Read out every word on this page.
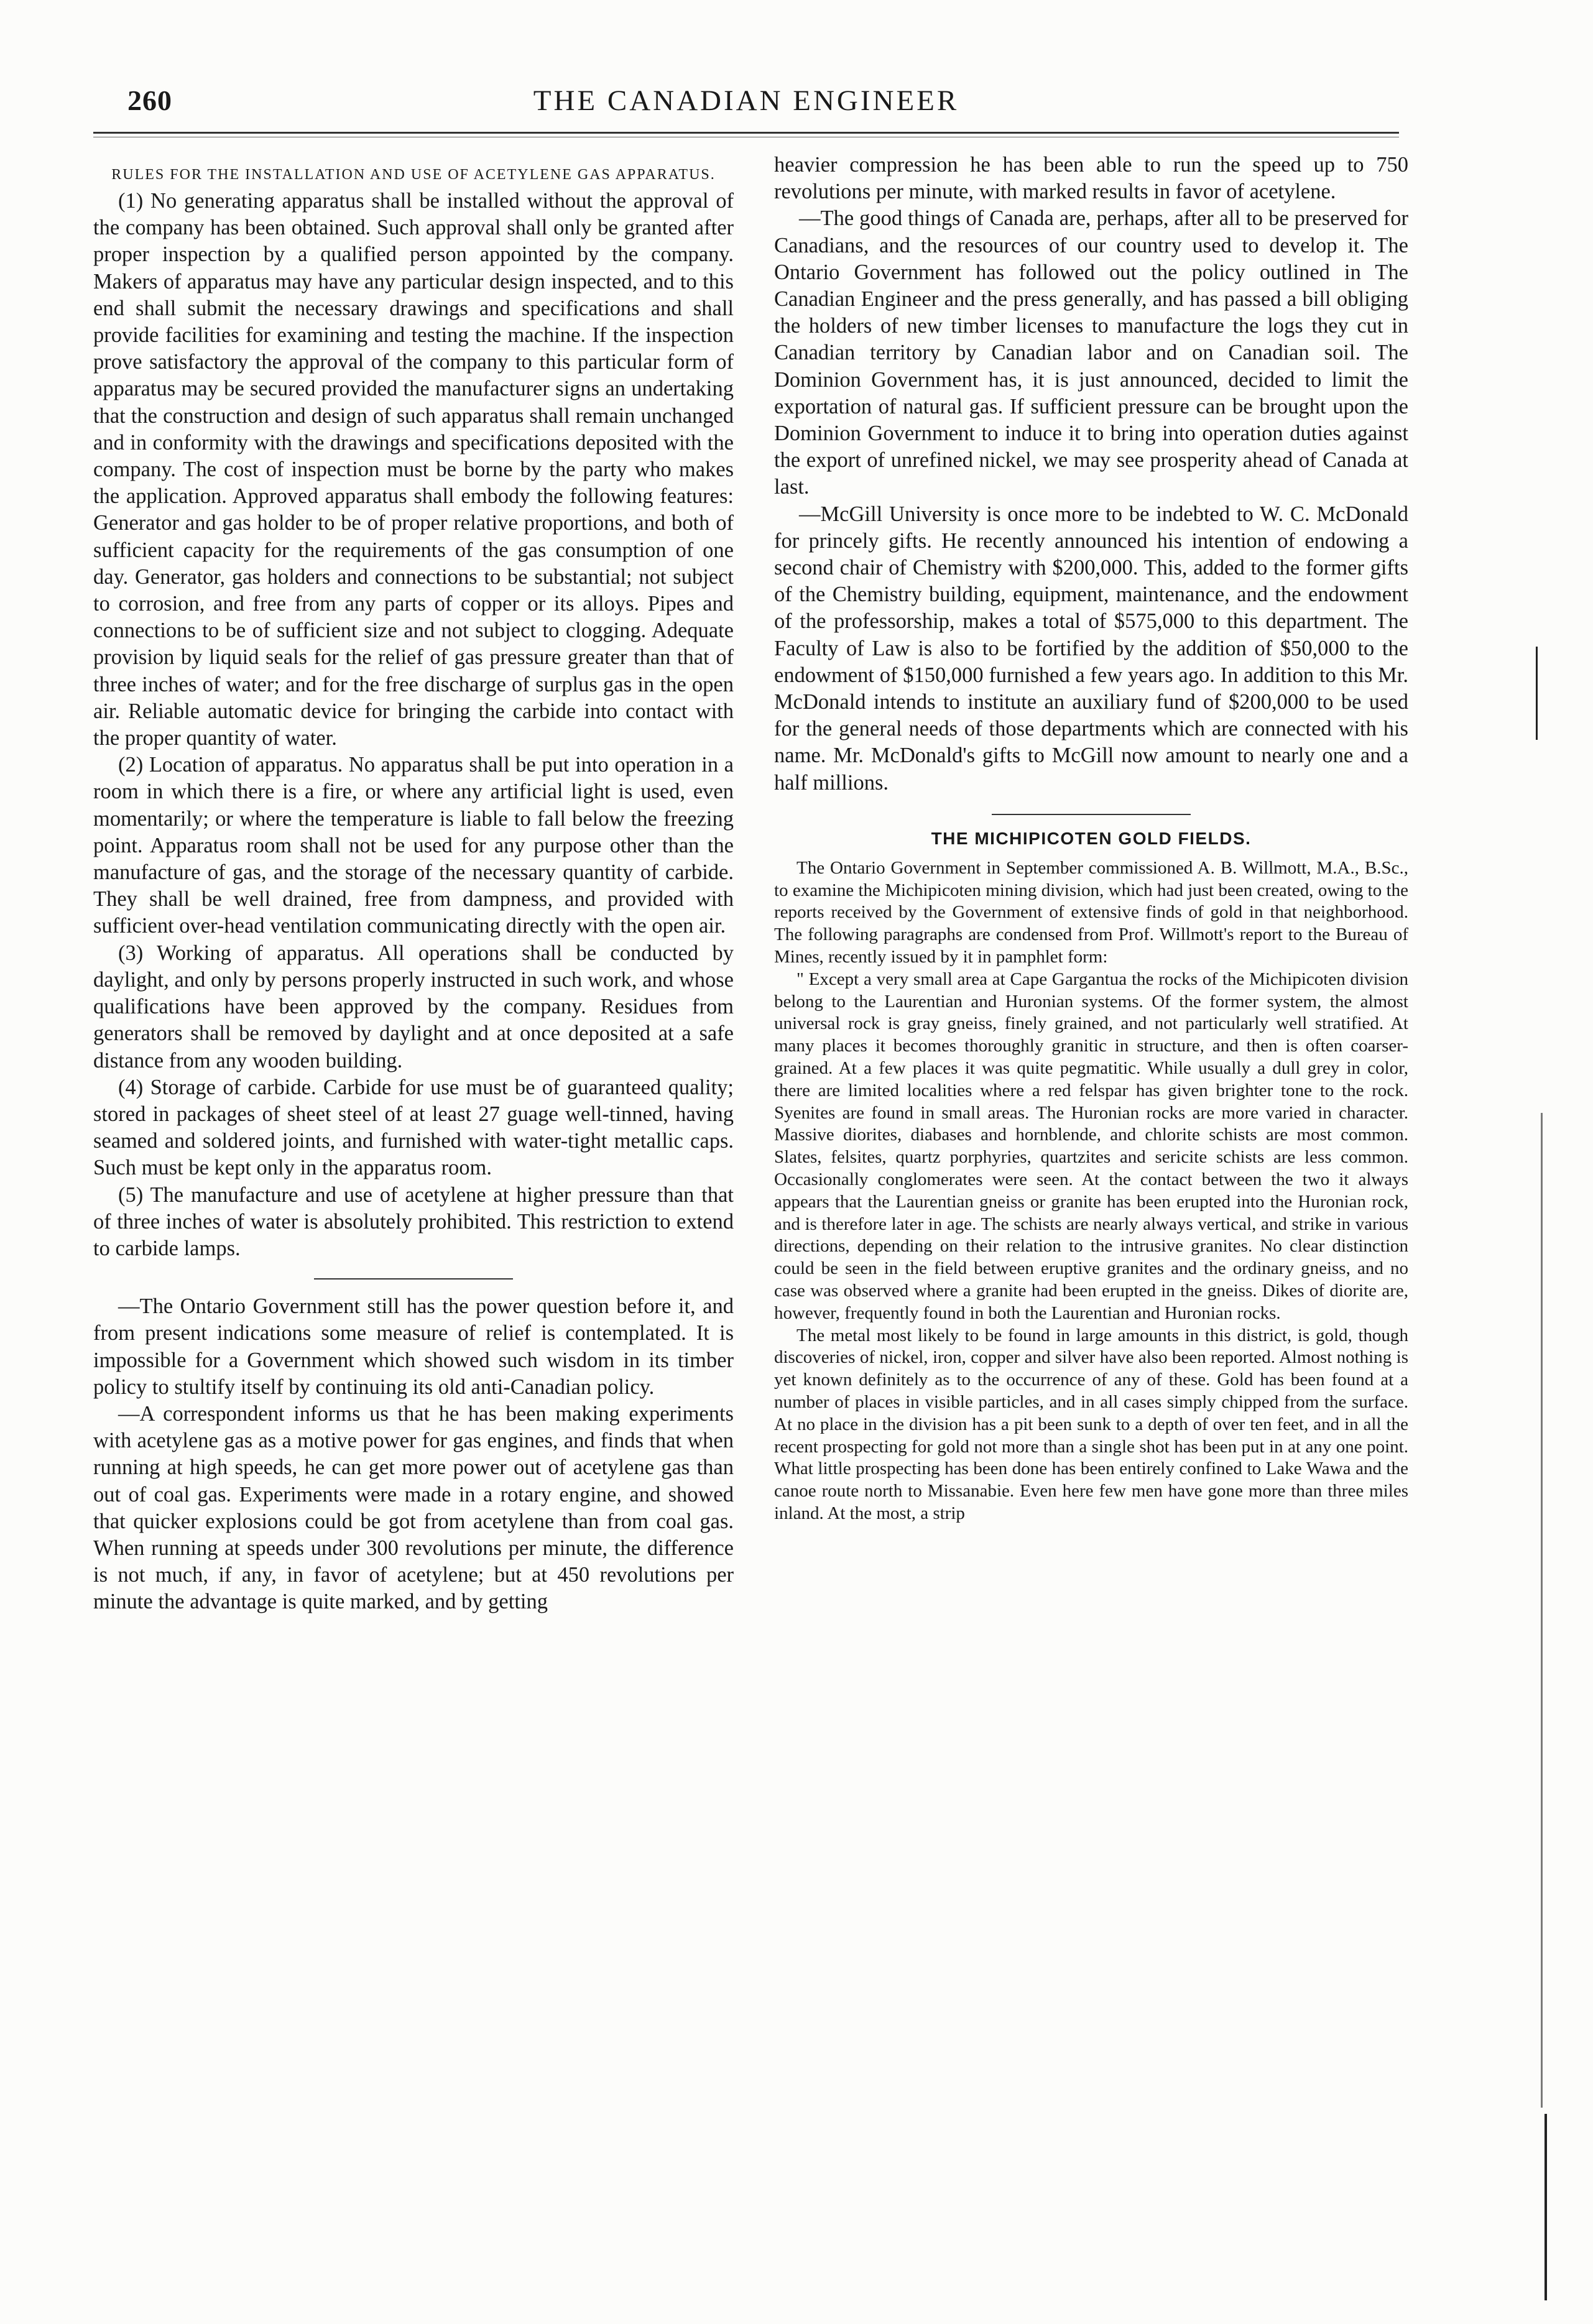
260	THE CANADIAN ENGINEER
RULES FOR THE INSTALLATION AND USE OF ACETYLENE GAS APPARATUS.

(1) No generating apparatus shall be installed without the approval of the company has been obtained. Such approval shall only be granted after proper inspection by a qualified person appointed by the company. Makers of apparatus may have any particular design inspected, and to this end shall submit the necessary drawings and specifications and shall provide facilities for examining and testing the machine. If the inspection prove satisfactory the approval of the company to this particular form of apparatus may be secured provided the manufacturer signs an undertaking that the construction and design of such apparatus shall remain unchanged and in conformity with the drawings and specifications deposited with the company. The cost of inspection must be borne by the party who makes the application. Approved apparatus shall embody the following features: Generator and gas holder to be of proper relative proportions, and both of sufficient capacity for the requirements of the gas consumption of one day. Generator, gas holders and connections to be substantial; not subject to corrosion, and free from any parts of copper or its alloys. Pipes and connections to be of sufficient size and not subject to clogging. Adequate provision by liquid seals for the relief of gas pressure greater than that of three inches of water; and for the free discharge of surplus gas in the open air. Reliable automatic device for bringing the carbide into contact with the proper quantity of water.

(2) Location of apparatus. No apparatus shall be put into operation in a room in which there is a fire, or where any artificial light is used, even momentarily; or where the temperature is liable to fall below the freezing point. Apparatus room shall not be used for any purpose other than the manufacture of gas, and the storage of the necessary quantity of carbide. They shall be well drained, free from dampness, and provided with sufficient over-head ventilation communicating directly with the open air.

(3) Working of apparatus. All operations shall be conducted by daylight, and only by persons properly instructed in such work, and whose qualifications have been approved by the company. Residues from generators shall be removed by daylight and at once deposited at a safe distance from any wooden building.

(4) Storage of carbide. Carbide for use must be of guaranteed quality; stored in packages of sheet steel of at least 27 guage well-tinned, having seamed and soldered joints, and furnished with water-tight metallic caps. Such must be kept only in the apparatus room.

(5) The manufacture and use of acetylene at higher pressure than that of three inches of water is absolutely prohibited. This restriction to extend to carbide lamps.

—The Ontario Government still has the power question before it, and from present indications some measure of relief is contemplated. It is impossible for a Government which showed such wisdom in its timber policy to stultify itself by continuing its old anti-Canadian policy.

—A correspondent informs us that he has been making experiments with acetylene gas as a motive power for gas engines, and finds that when running at high speeds, he can get more power out of acetylene gas than out of coal gas. Experiments were made in a rotary engine, and showed that quicker explosions could be got from acetylene than from coal gas. When running at speeds under 300 revolutions per minute, the difference is not much, if any, in favor of acetylene; but at 450 revolutions per minute the advantage is quite marked, and by getting

heavier compression he has been able to run the speed up to 750 revolutions per minute, with marked results in favor of acetylene.

—The good things of Canada are, perhaps, after all to be preserved for Canadians, and the resources of our country used to develop it. The Ontario Government has followed out the policy outlined in The Canadian Engineer and the press generally, and has passed a bill obliging the holders of new timber licenses to manufacture the logs they cut in Canadian territory by Canadian labor and on Canadian soil. The Dominion Government has, it is just announced, decided to limit the exportation of natural gas. If sufficient pressure can be brought upon the Dominion Government to induce it to bring into operation duties against the export of unrefined nickel, we may see prosperity ahead of Canada at last.

—McGill University is once more to be indebted to W. C. McDonald for princely gifts. He recently announced his intention of endowing a second chair of Chemistry with $200,000. This, added to the former gifts of the Chemistry building, equipment, maintenance, and the endowment of the professorship, makes a total of $575,000 to this department. The Faculty of Law is also to be fortified by the addition of $50,000 to the endowment of $150,000 furnished a few years ago. In addition to this Mr. McDonald intends to institute an auxiliary fund of $200,000 to be used for the general needs of those departments which are connected with his name. Mr. McDonald's gifts to McGill now amount to nearly one and a half millions.

THE MICHIPICOTEN GOLD FIELDS.

The Ontario Government in September commissioned A. B. Willmott, M.A., B.Sc., to examine the Michipicoten mining division, which had just been created, owing to the reports received by the Government of extensive finds of gold in that neighborhood. The following paragraphs are condensed from Prof. Willmott's report to the Bureau of Mines, recently issued by it in pamphlet form:

" Except a very small area at Cape Gargantua the rocks of the Michipicoten division belong to the Laurentian and Huronian systems. Of the former system, the almost universal rock is gray gneiss, finely grained, and not particularly well stratified. At many places it becomes thoroughly granitic in structure, and then is often coarser-grained. At a few places it was quite pegmatitic. While usually a dull grey in color, there are limited localities where a red felspar has given brighter tone to the rock. Syenites are found in small areas. The Huronian rocks are more varied in character. Massive diorites, diabases and hornblende, and chlorite schists are most common. Slates, felsites, quartz porphyries, quartzites and sericite schists are less common. Occasionally conglomerates were seen. At the contact between the two it always appears that the Laurentian gneiss or granite has been erupted into the Huronian rock, and is therefore later in age. The schists are nearly always vertical, and strike in various directions, depending on their relation to the intrusive granites. No clear distinction could be seen in the field between eruptive granites and the ordinary gneiss, and no case was observed where a granite had been erupted in the gneiss. Dikes of diorite are, however, frequently found in both the Laurentian and Huronian rocks.

The metal most likely to be found in large amounts in this district, is gold, though discoveries of nickel, iron, copper and silver have also been reported. Almost nothing is yet known definitely as to the occurrence of any of these. Gold has been found at a number of places in visible particles, and in all cases simply chipped from the surface. At no place in the division has a pit been sunk to a depth of over ten feet, and in all the recent prospecting for gold not more than a single shot has been put in at any one point. What little prospecting has been done has been entirely confined to Lake Wawa and the canoe route north to Missanabie. Even here few men have gone more than three miles inland. At the most, a strip
